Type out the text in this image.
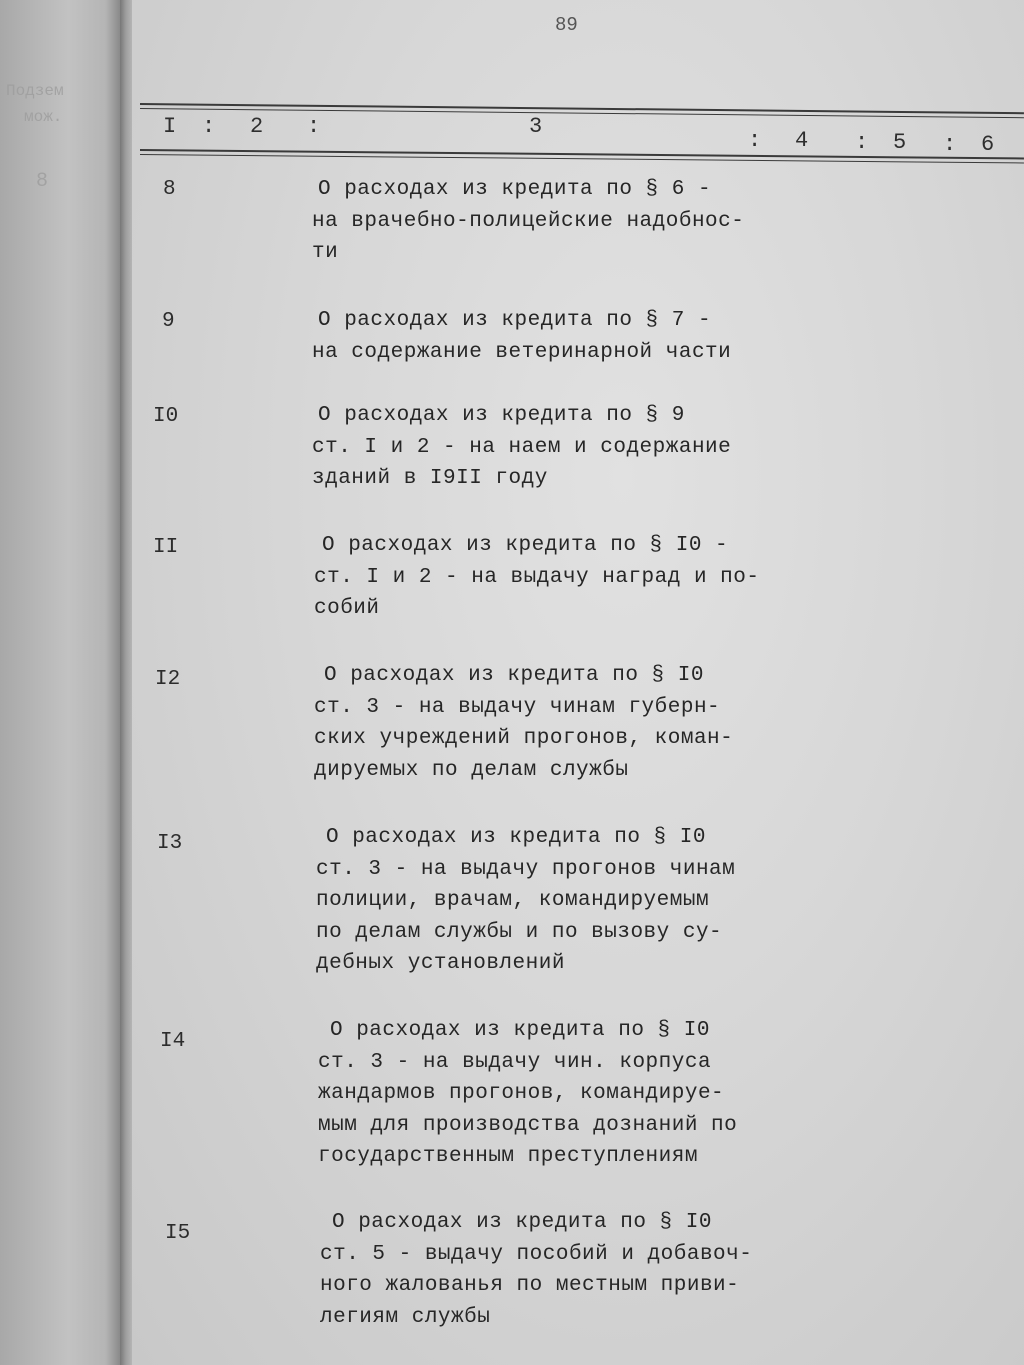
Подзем
мож.
8
89
I : 2 :	3
: 4 : 5 : 6
8	О расходах из кредита по § 6 -
на врачебно-полицейские надобнос-
ти
9	О расходах из кредита по § 7 -
на содержание ветеринарной части
I0	О расходах из кредита по § 9
ст. I и 2 - на наем и содержание
зданий в I9II году
II	О расходах из кредита по § I0 -
ст. I и 2 - на выдачу наград и по-
собий
I2	О расходах из кредита по § I0
ст. 3 - на выдачу чинам губерн-
ских учреждений прогонов, коман-
дируемых по делам службы
I3	О расходах из кредита по § I0
ст. 3 - на выдачу прогонов чинам
полиции, врачам, командируемым
по делам службы и по вызову су-
дебных установлений
I4	О расходах из кредита по § I0
ст. 3 - на выдачу чин. корпуса
жандармов прогонов, командируе-
мым для производства дознаний по
государственным преступлениям
I5	О расходах из кредита по § I0
ст. 5 - выдачу пособий и добавоч-
ного жалованья по местным приви-
легиям службы
